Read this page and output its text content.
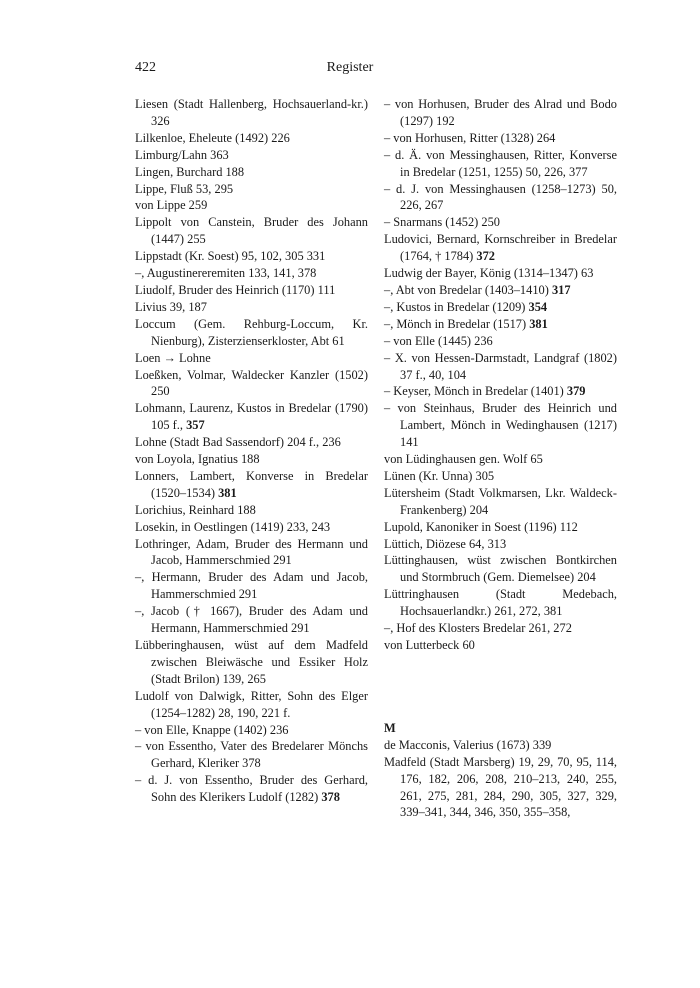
422	Register

Liesen (Stadt Hallenberg, Hochsauerland-kr.) 326

Lilkenloe, Eheleute (1492) 226

Limburg/Lahn 363

Lingen, Burchard 188

Lippe, Fluß 53, 295

von Lippe 259

Lippolt von Canstein, Bruder des Johann (1447) 255

Lippstadt (Kr. Soest) 95, 102, 305 331

–, Augustinereremiten 133, 141, 378

Liudolf, Bruder des Heinrich (1170) 111

Livius 39, 187

Loccum (Gem. Rehburg-Loccum, Kr. Nienburg), Zisterzienserkloster, Abt 61

Loen → Lohne

Loeßken, Volmar, Waldecker Kanzler (1502) 250

Lohmann, Laurenz, Kustos in Bredelar (1790) 105 f., 357

Lohne (Stadt Bad Sassendorf) 204 f., 236

von Loyola, Ignatius 188

Lonners, Lambert, Konverse in Bredelar (1520–1534) 381

Lorichius, Reinhard 188

Losekin, in Oestlingen (1419) 233, 243

Lothringer, Adam, Bruder des Hermann und Jacob, Hammerschmied 291

–, Hermann, Bruder des Adam und Jacob, Hammerschmied 291

–, Jacob († 1667), Bruder des Adam und Hermann, Hammerschmied 291

Lübberinghausen, wüst auf dem Madfeld zwischen Bleiwäsche und Essiker Holz (Stadt Brilon) 139, 265

Ludolf von Dalwigk, Ritter, Sohn des Elger (1254–1282) 28, 190, 221 f.

– von Elle, Knappe (1402) 236

– von Essentho, Vater des Bredelarer Mönchs Gerhard, Kleriker 378

– d. J. von Essentho, Bruder des Gerhard, Sohn des Klerikers Ludolf (1282) 378

– von Horhusen, Bruder des Alrad und Bodo (1297) 192

– von Horhusen, Ritter (1328) 264

– d. Ä. von Messinghausen, Ritter, Konverse in Bredelar (1251, 1255) 50, 226, 377

– d. J. von Messinghausen (1258–1273) 50, 226, 267

– Snarmans (1452) 250

Ludovici, Bernard, Kornschreiber in Bredelar (1764, † 1784) 372

Ludwig der Bayer, König (1314–1347) 63

–, Abt von Bredelar (1403–1410) 317

–, Kustos in Bredelar (1209) 354

–, Mönch in Bredelar (1517) 381

– von Elle (1445) 236

– X. von Hessen-Darmstadt, Landgraf (1802) 37 f., 40, 104

– Keyser, Mönch in Bredelar (1401) 379

– von Steinhaus, Bruder des Heinrich und Lambert, Mönch in Wedinghausen (1217) 141

von Lüdinghausen gen. Wolf 65

Lünen (Kr. Unna) 305

Lütersheim (Stadt Volkmarsen, Lkr. Waldeck-Frankenberg) 204

Lupold, Kanoniker in Soest (1196) 112

Lüttich, Diözese 64, 313

Lüttinghausen, wüst zwischen Bontkirchen und Stormbruch (Gem. Diemelsee) 204

Lüttringhausen (Stadt Medebach, Hochsauerlandkr.) 261, 272, 381

–, Hof des Klosters Bredelar 261, 272

von Lutterbeck 60

M

de Macconis, Valerius (1673) 339

Madfeld (Stadt Marsberg) 19, 29, 70, 95, 114, 176, 182, 206, 208, 210–213, 240, 255, 261, 275, 281, 284, 290, 305, 327, 329, 339–341, 344, 346, 350, 355–358,
